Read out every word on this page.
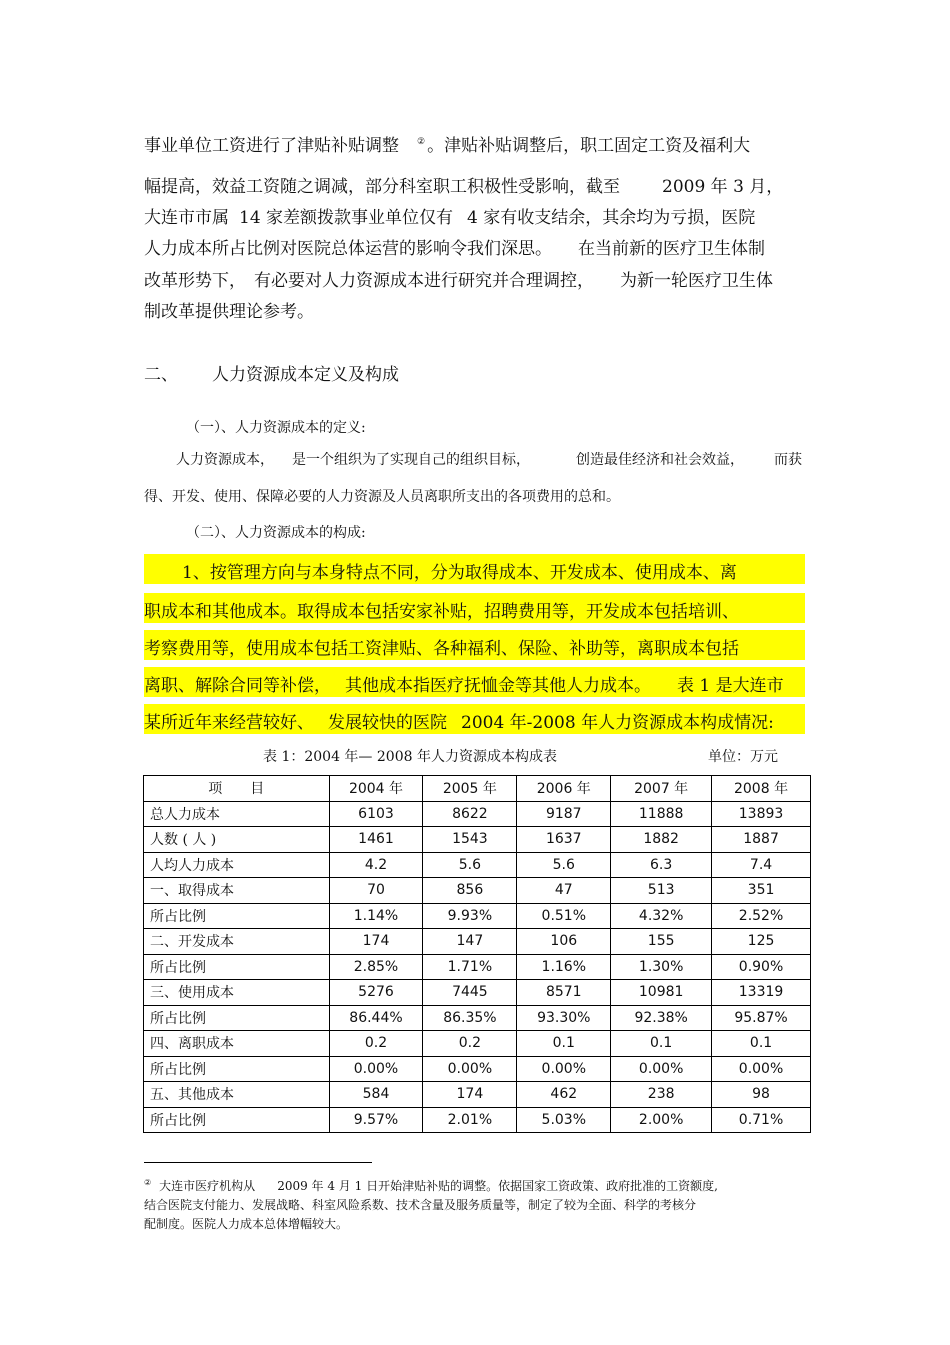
事业单位工资进行了津贴补贴调整 ② 。津贴补贴调整后，职工固定工资及福利大
幅提高，效益工资随之调减，部分科室职工积极性受影响，截至 2009 年 3 月，
大连市市属 14 家差额拨款事业单位仅有 4 家有收支结余，其余均为亏损，医院
人力成本所占比例对医院总体运营的影响令我们深思。 在当前新的医疗卫生体制
改革形势下， 有必要对人力资源成本进行研究并合理调控， 为新一轮医疗卫生体
制改革提供理论参考。
二、 人力资源成本定义及构成
（一）、人力资源成本的定义:
人力资源成本， 是一个组织为了实现自己的组织目标，	创造最佳经济和社会效益， 而获
得、开发、使用、保障必要的人力资源及人员离职所支出的各项费用的总和。
（二）、人力资源成本的构成:
1、按管理方向与本身特点不同，分为取得成本、开发成本、使用成本、离
职成本和其他成本。取得成本包括安家补贴，招聘费用等，开发成本包括培训、
考察费用等，使用成本包括工资津贴、各种福利、保险、补助等，离职成本包括
离职、解除合同等补偿， 其他成本指医疗抚恤金等其他人力成本。 表 1 是大连市
某所近年来经营较好、 发展较快的医院 2004 年-2008 年人力资源成本构成情况:
表 1：2004 年— 2008 年人力资源成本构成表	单位：万元
项　　目	2004 年	2005 年	2006 年	2007 年	2008 年
总人力成本	6103	8622	9187	11888	13893
人数 ( 人 )	1461	1543	1637	1882	1887
人均人力成本	4.2	5.6	5.6	6.3	7.4
一、取得成本	70	856	47	513	351
所占比例	1.14%	9.93%	0.51%	4.32%	2.52%
二、开发成本	174	147	106	155	125
所占比例	2.85%	1.71%	1.16%	1.30%	0.90%
三、使用成本	5276	7445	8571	10981	13319
所占比例	86.44%	86.35%	93.30%	92.38%	95.87%
四、离职成本	0.2	0.2	0.1	0.1	0.1
所占比例	0.00%	0.00%	0.00%	0.00%	0.00%
五、其他成本	584	174	462	238	98
所占比例	9.57%	2.01%	5.03%	2.00%	0.71%
② 大连市医疗机构从 2009 年 4 月 1 日开始津贴补贴的调整。依据国家工资政策、政府批准的工资额度,
结合医院支付能力、发展战略、科室风险系数、技术含量及服务质量等，制定了较为全面、科学的考核分
配制度。医院人力成本总体增幅较大。
